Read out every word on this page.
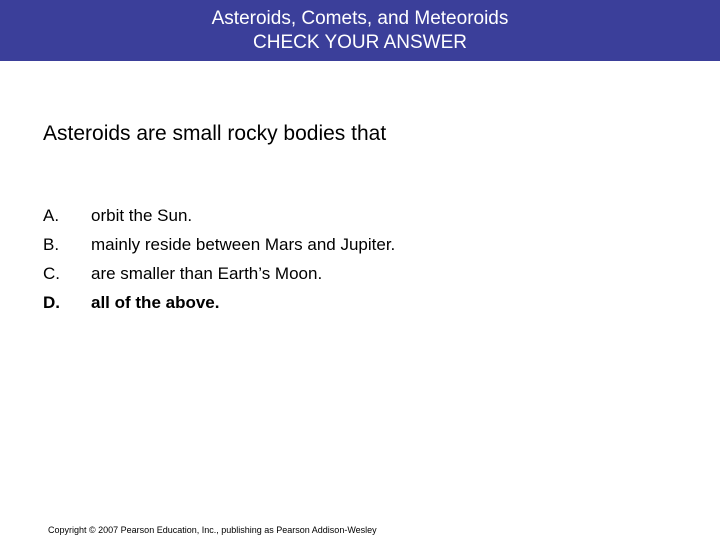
Asteroids, Comets, and Meteoroids
CHECK YOUR ANSWER

Asteroids are small rocky bodies that

A.	orbit the Sun.
B.	mainly reside between Mars and Jupiter.
C.	are smaller than Earth’s Moon.
D.	all of the above.
Copyright © 2007 Pearson Education, Inc., publishing as Pearson Addison-Wesley
